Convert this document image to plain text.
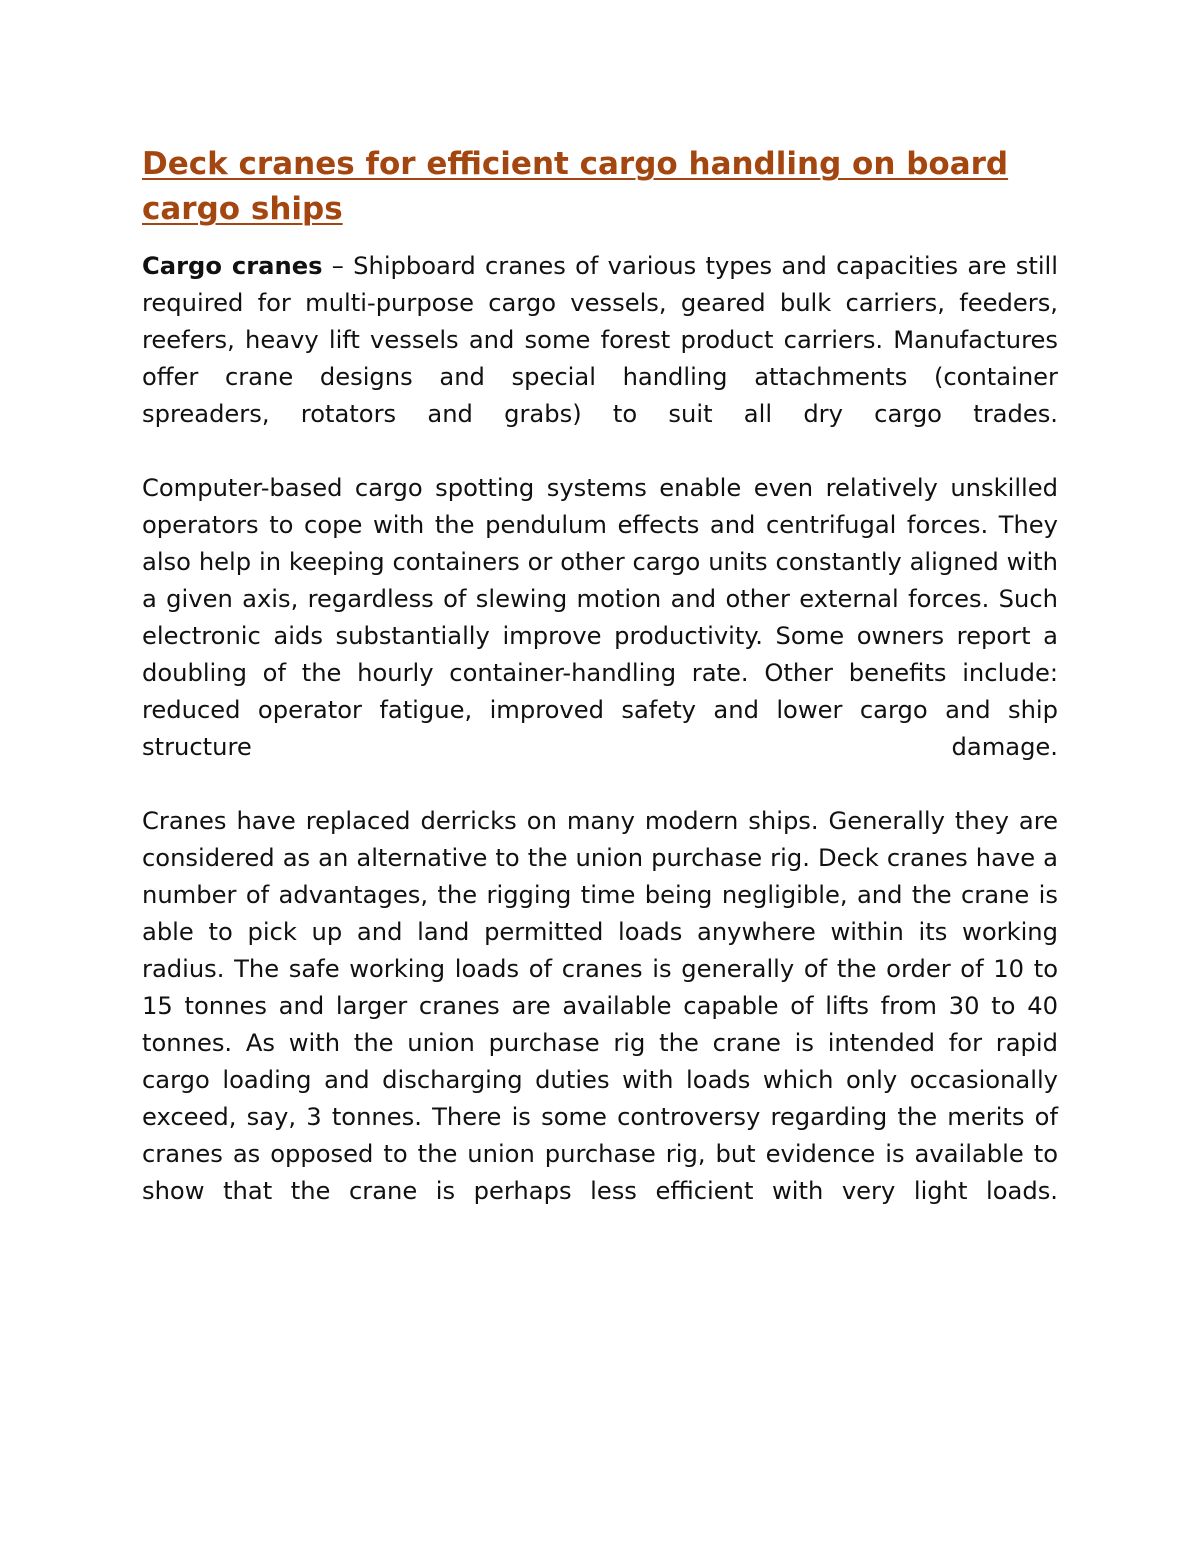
Deck cranes for efficient cargo handling on board cargo ships

Cargo cranes – Shipboard cranes of various types and capacities are still required for multi-purpose cargo vessels, geared bulk carriers, feeders, reefers, heavy lift vessels and some forest product carriers. Manufactures offer crane designs and special handling attachments (container spreaders, rotators and grabs) to suit all dry cargo trades.

Computer-based cargo spotting systems enable even relatively unskilled operators to cope with the pendulum effects and centrifugal forces. They also help in keeping containers or other cargo units constantly aligned with a given axis, regardless of slewing motion and other external forces. Such electronic aids substantially improve productivity. Some owners report a doubling of the hourly container-handling rate. Other benefits include: reduced operator fatigue, improved safety and lower cargo and ship structure damage.

Cranes have replaced derricks on many modern ships. Generally they are considered as an alternative to the union purchase rig. Deck cranes have a number of advantages, the rigging time being negligible, and the crane is able to pick up and land permitted loads anywhere within its working radius. The safe working loads of cranes is generally of the order of 10 to 15 tonnes and larger cranes are available capable of lifts from 30 to 40 tonnes. As with the union purchase rig the crane is intended for rapid cargo loading and discharging duties with loads which only occasionally exceed, say, 3 tonnes. There is some controversy regarding the merits of cranes as opposed to the union purchase rig, but evidence is available to show that the crane is perhaps less efficient with very light loads.
